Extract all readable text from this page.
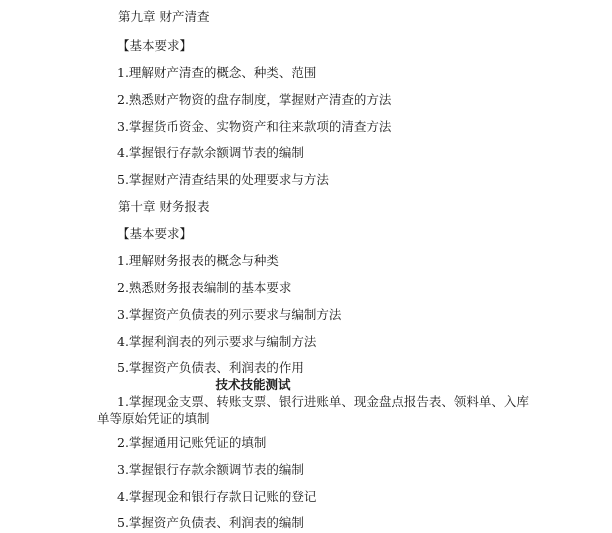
第九章 财产清查
【基本要求】
1.理解财产清查的概念、种类、范围
2.熟悉财产物资的盘存制度，掌握财产清查的方法
3.掌握货币资金、实物资产和往来款项的清查方法
4.掌握银行存款余额调节表的编制
5.掌握财产清查结果的处理要求与方法
第十章 财务报表
【基本要求】
1.理解财务报表的概念与种类
2.熟悉财务报表编制的基本要求
3.掌握资产负债表的列示要求与编制方法
4.掌握利润表的列示要求与编制方法
5.掌握资产负债表、利润表的作用
技术技能测试
1.掌握现金支票、转账支票、银行进账单、现金盘点报告表、领料单、入库单等原始凭证的填制
2.掌握通用记账凭证的填制
3.掌握银行存款余额调节表的编制
4.掌握现金和银行存款日记账的登记
5.掌握资产负债表、利润表的编制
